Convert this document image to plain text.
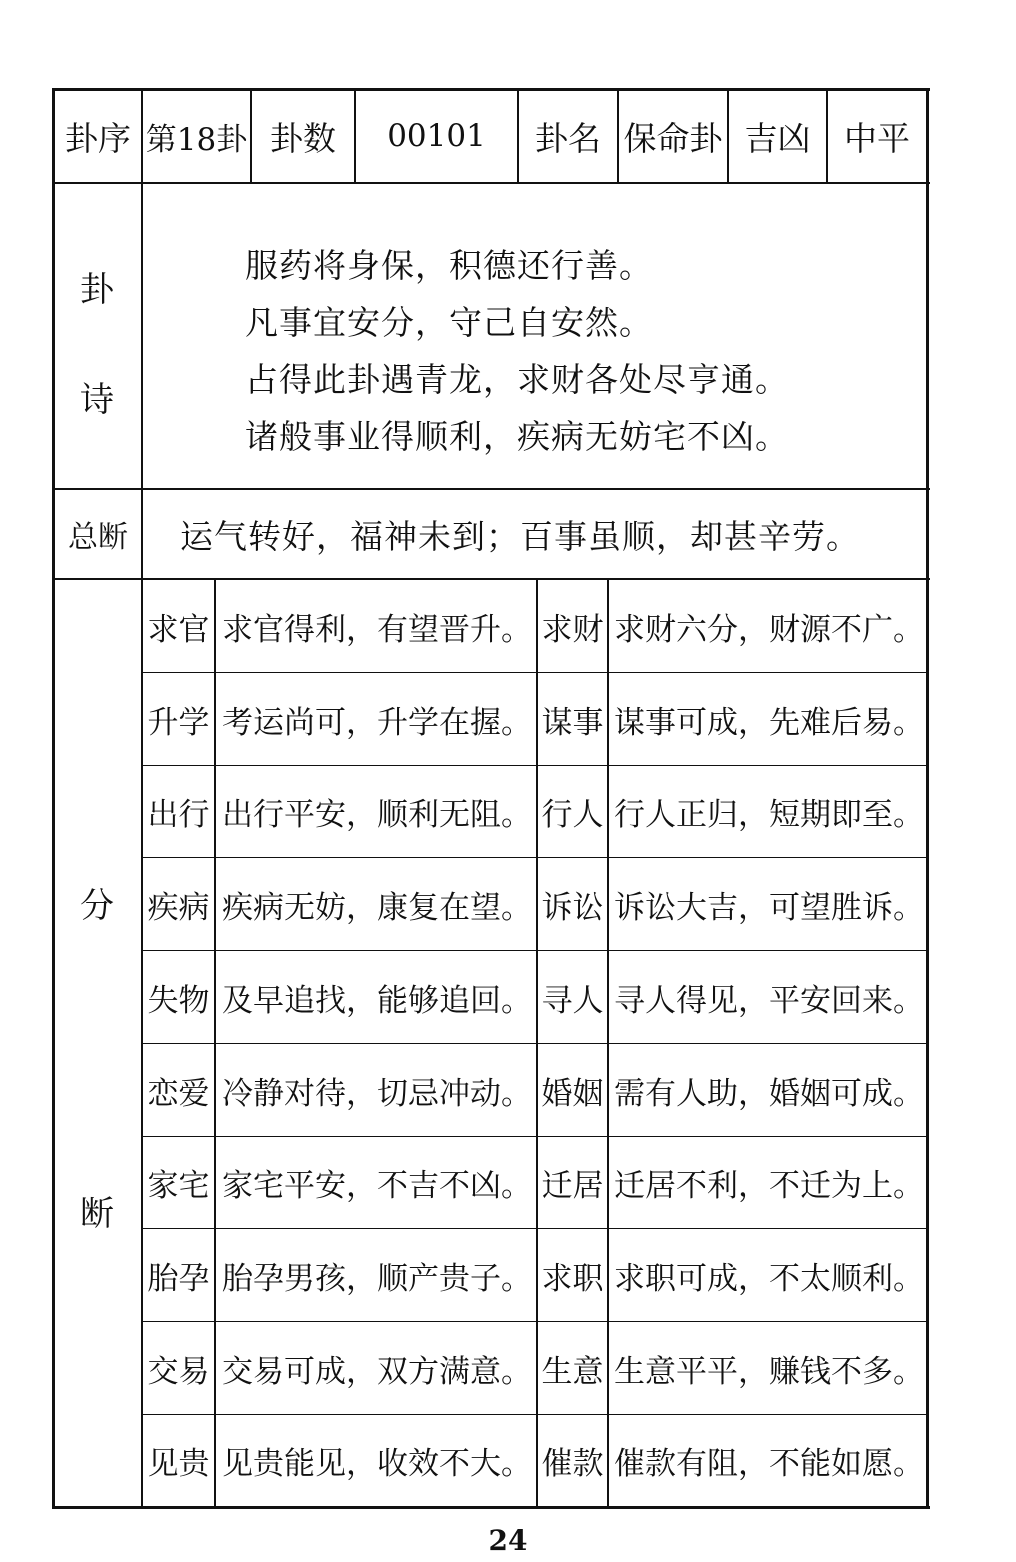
卦序 第18卦 卦数	00101	卦名 保命卦 吉凶	中平
卦
诗
服药将身保，积德还行善。
凡事宜安分，守己自安然。
占得此卦遇青龙，求财各处尽亨通。
诸般事业得顺利，疾病无妨宅不凶。
总断	运气转好，福神未到；百事虽顺，却甚辛劳。
分
断
求官 求官得利，有望晋升。 求财 求财六分，财源不广。
升学 考运尚可，升学在握。 谋事 谋事可成，先难后易。
出行 出行平安，顺利无阻。 行人 行人正归，短期即至。
疾病 疾病无妨，康复在望。 诉讼 诉讼大吉，可望胜诉。
失物 及早追找，能够追回。 寻人 寻人得见，平安回来。
恋爱 冷静对待，切忌冲动。 婚姻 需有人助，婚姻可成。
家宅 家宅平安，不吉不凶。 迁居 迁居不利，不迁为上。
胎孕 胎孕男孩，顺产贵子。 求职 求职可成，不太顺利。
交易 交易可成，双方满意。 生意 生意平平，赚钱不多。
见贵 见贵能见，收效不大。 催款 催款有阻，不能如愿。
24
